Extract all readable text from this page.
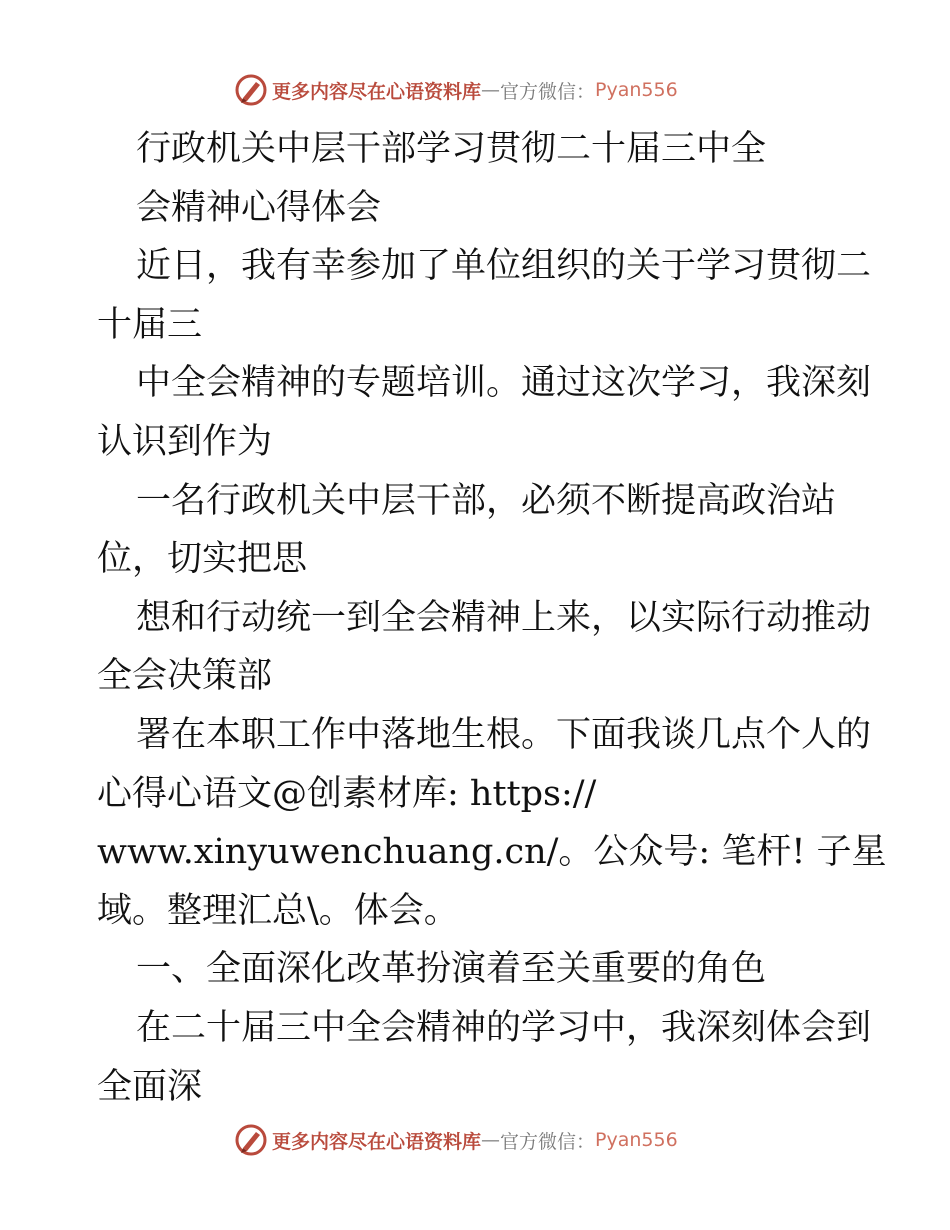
更多内容尽在心语资料库 — 官方微信： Pyan556
行政机关中层干部学习贯彻二十届三中全
会精神心得体会
近日，我有幸参加了单位组织的关于学习贯彻二
十届三
中全会精神的专题培训。通过这次学习，我深刻
认识到作为
一名行政机关中层干部，必须不断提高政治站
位，切实把思
想和行动统一到全会精神上来，以实际行动推动
全会决策部
署在本职工作中落地生根。下面我谈几点个人的
心得心语文@创素材库: https://
www.xinyuwenchuang.cn/。公众号: 笔杆! 子星
域。整理汇总\。体会。
一、全面深化改革扮演着至关重要的角色
在二十届三中全会精神的学习中，我深刻体会到
全面深
更多内容尽在心语资料库 — 官方微信： Pyan556
